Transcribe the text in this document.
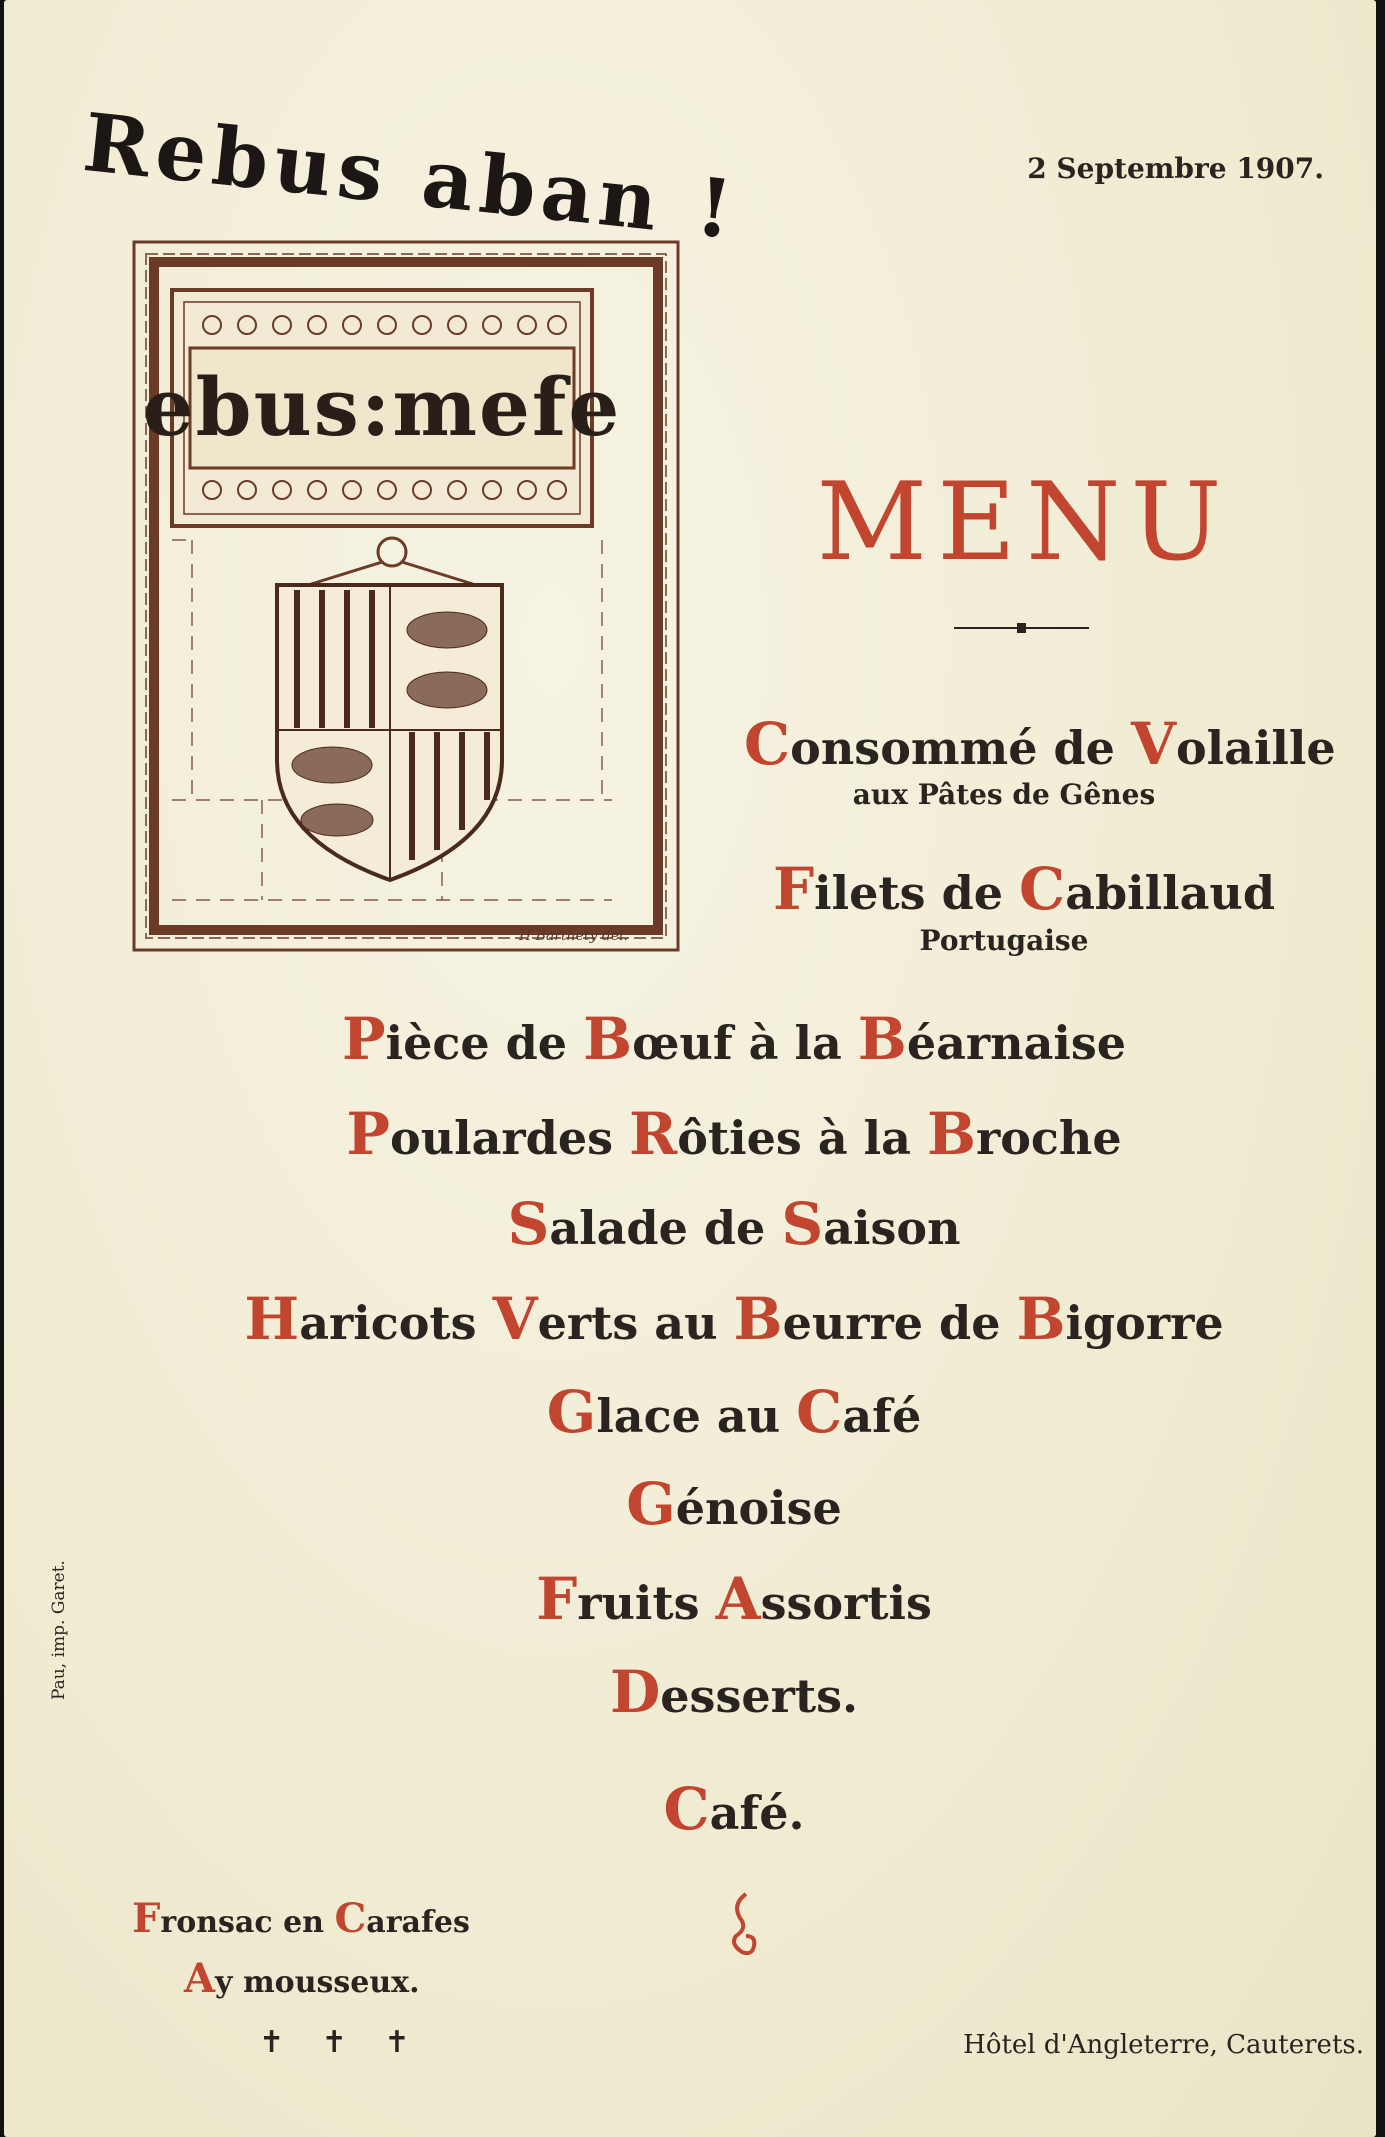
Rebus aban !	2 Septembre 1907.
ebus:mefe
H Barthety del.
MENU
Consommé de Volaille
aux Pâtes de Gênes
Filets de Cabillaud
Portugaise
Pièce de Bœuf à la Béarnaise
Poulardes Rôties à la Broche
Salade de Saison
Haricots Verts au Beurre de Bigorre
Glace au Café
Génoise
Fruits Assortis
Desserts.
Café.
Pau, imp. Garet.
Fronsac en Carafes
Ay mousseux.
✝ ✝ ✝	Hôtel d'Angleterre, Cauterets.
